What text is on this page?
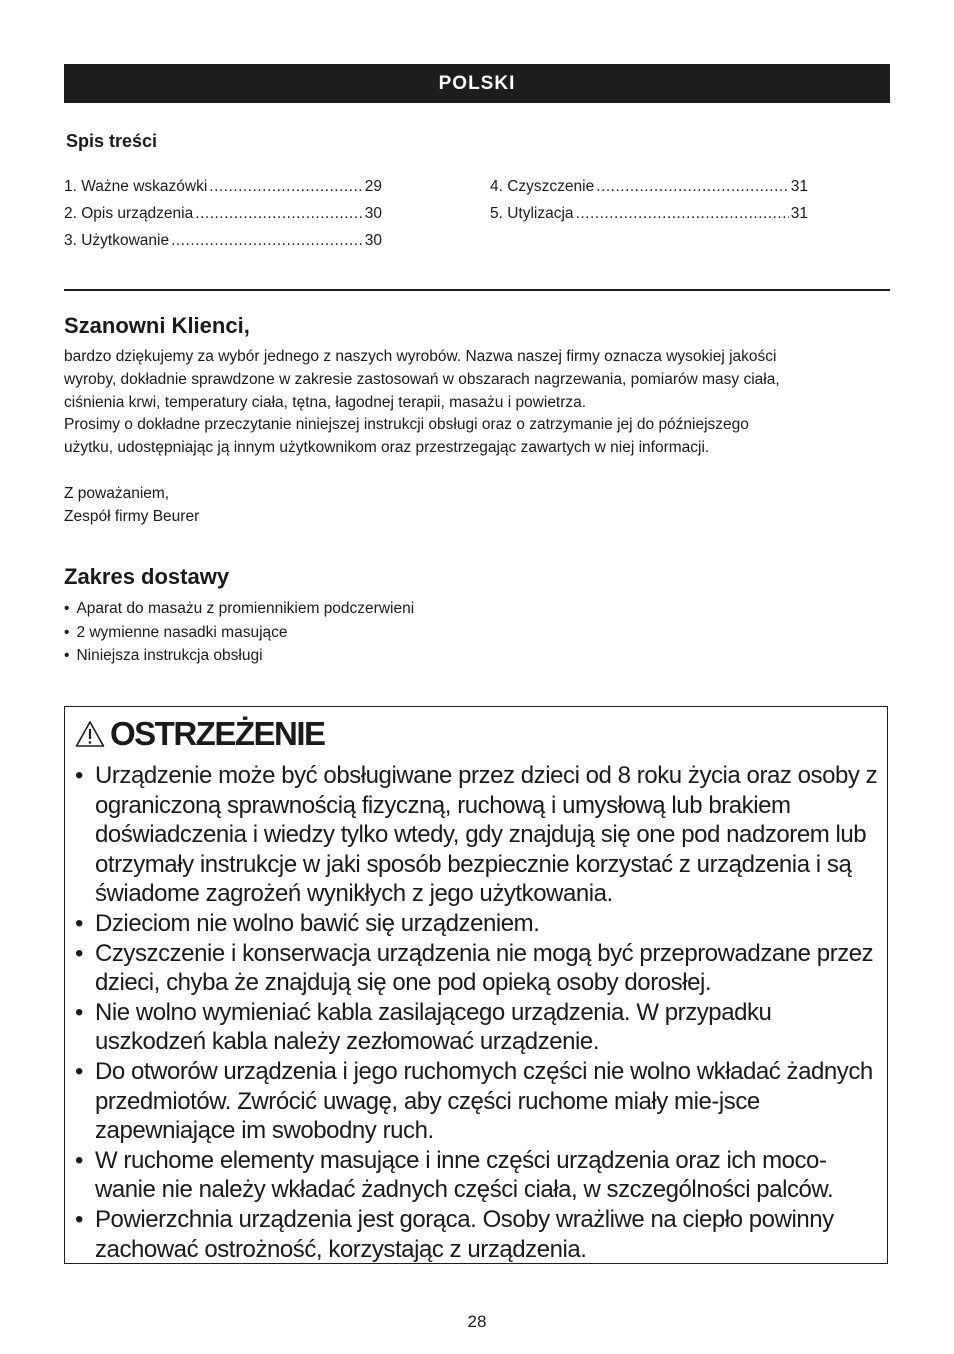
POLSKI
Spis treści
1. Ważne wskazówki .....	29
2. Opis urządzenia .....	30
3. Użytkowanie .....	30
4. Czyszczenie .....	31
5. Utylizacja .....	31
Szanowni Klienci,
bardzo dziękujemy za wybór jednego z naszych wyrobów. Nazwa naszej firmy oznacza wysokiej jakości
wyroby, dokładnie sprawdzone w zakresie zastosowań w obszarach nagrzewania, pomiarów masy ciała,
ciśnienia krwi, temperatury ciała, tętna, łagodnej terapii, masażu i powietrza.
Prosimy o dokładne przeczytanie niniejszej instrukcji obsługi oraz o zatrzymanie jej do późniejszego
użytku, udostępniając ją innym użytkownikom oraz przestrzegając zawartych w niej informacji.
Z poważaniem,
Zespół firmy Beurer
Zakres dostawy
• Aparat do masażu z promiennikiem podczerwieni
• 2 wymienne nasadki masujące
• Niniejsza instrukcja obsługi
OSTRZEŻENIE
• Urządzenie może być obsługiwane przez dzieci od 8 roku życia oraz osoby z ograniczoną sprawnością fizyczną, ruchową i umysłową lub brakiem doświadczenia i wiedzy tylko wtedy, gdy znajdują się one pod nadzorem lub otrzymały instrukcje w jaki sposób bezpiecznie korzystać z urządzenia i są świadome zagrożeń wynikłych z jego użytkowania.
• Dzieciom nie wolno bawić się urządzeniem.
• Czyszczenie i konserwacja urządzenia nie mogą być przeprowadzane przez dzieci, chyba że znajdują się one pod opieką osoby dorosłej.
• Nie wolno wymieniać kabla zasilającego urządzenia. W przypadku uszkodzeń kabla należy zezłomować urządzenie.
• Do otworów urządzenia i jego ruchomych części nie wolno wkładać żadnych przedmiotów. Zwrócić uwagę, aby części ruchome miały mie-jsce zapewniające im swobodny ruch.
• W ruchome elementy masujące i inne części urządzenia oraz ich moco-wanie nie należy wkładać żadnych części ciała, w szczególności palców.
• Powierzchnia urządzenia jest gorąca. Osoby wrażliwe na ciepło powinny zachować ostrożność, korzystając z urządzenia.
28
